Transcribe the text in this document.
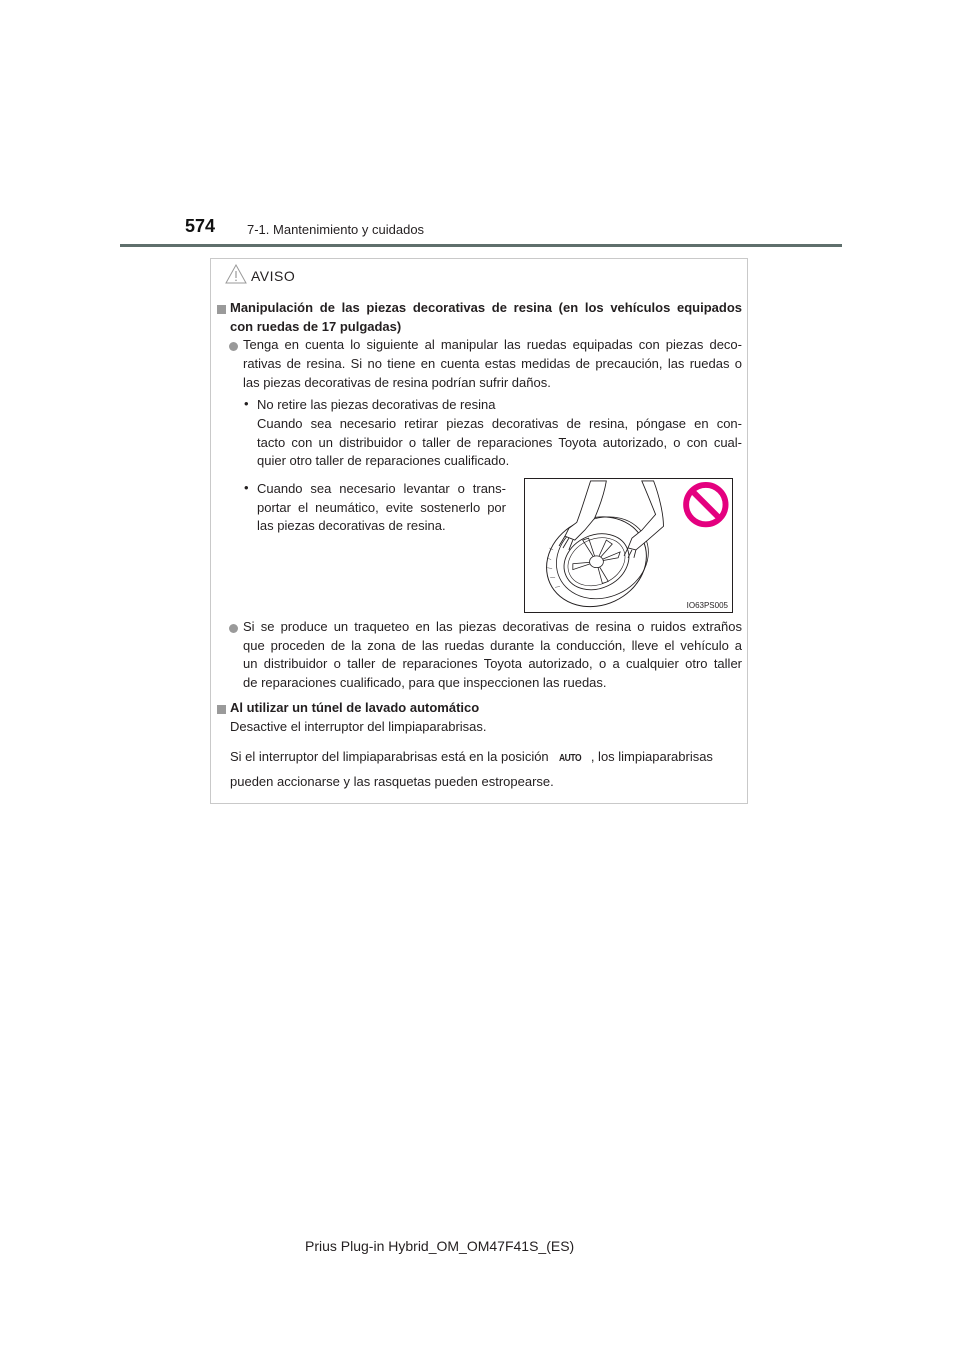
574 7-1. Mantenimiento y cuidados
AVISO
Manipulación de las piezas decorativas de resina (en los vehículos equipados
con ruedas de 17 pulgadas)
Tenga en cuenta lo siguiente al manipular las ruedas equipadas con piezas deco-
rativas de resina. Si no tiene en cuenta estas medidas de precaución, las ruedas o
las piezas decorativas de resina podrían sufrir daños.
• No retire las piezas decorativas de resina
Cuando sea necesario retirar piezas decorativas de resina, póngase en con-
tacto con un distribuidor o taller de reparaciones Toyota autorizado, o con cual-
quier otro taller de reparaciones cualificado.
• Cuando sea necesario levantar o trans-
portar el neumático, evite sostenerlo por
las piezas decorativas de resina.
IO63PS005
Si se produce un traqueteo en las piezas decorativas de resina o ruidos extraños
que proceden de la zona de las ruedas durante la conducción, lleve el vehículo a
un distribuidor o taller de reparaciones Toyota autorizado, o a cualquier otro taller
de reparaciones cualificado, para que inspeccionen las ruedas.
Al utilizar un túnel de lavado automático
Desactive el interruptor del limpiaparabrisas.
Si el interruptor del limpiaparabrisas está en la posición AUTO , los limpiaparabrisas
pueden accionarse y las rasquetas pueden estropearse.
Prius Plug-in Hybrid_OM_OM47F41S_(ES)
